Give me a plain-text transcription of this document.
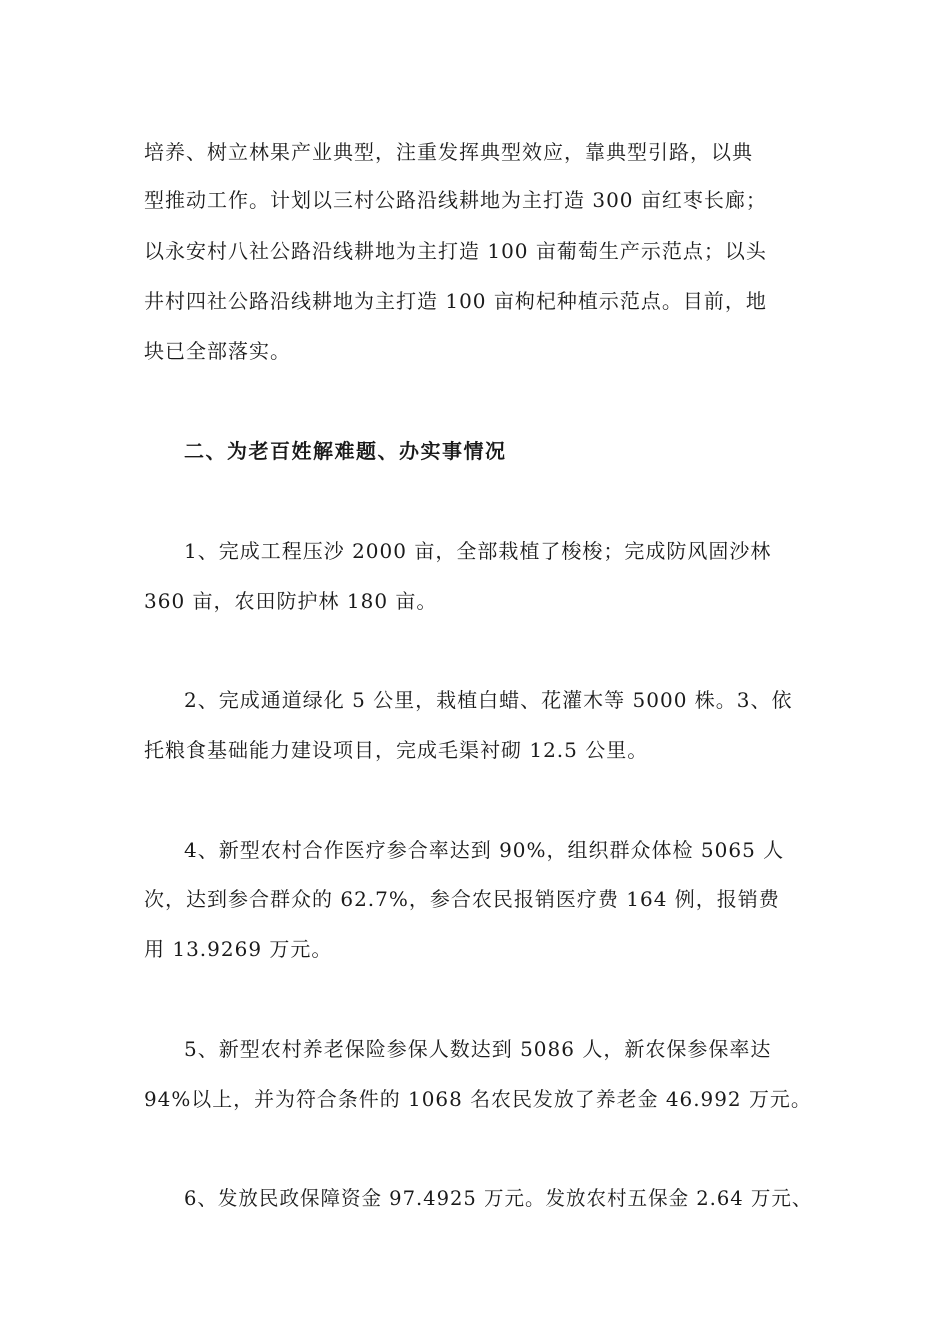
培养、树立林果产业典型，注重发挥典型效应，靠典型引路，以典
型推动工作。计划以三村公路沿线耕地为主打造 300 亩红枣长廊；
以永安村八社公路沿线耕地为主打造 100 亩葡萄生产示范点；以头
井村四社公路沿线耕地为主打造 100 亩枸杞种植示范点。目前，地
块已全部落实。
二、为老百姓解难题、办实事情况
1、完成工程压沙 2000 亩，全部栽植了梭梭；完成防风固沙林
360 亩，农田防护林 180 亩。
2、完成通道绿化 5 公里，栽植白蜡、花灌木等 5000 株。3、依
托粮食基础能力建设项目，完成毛渠衬砌 12.5 公里。
4、新型农村合作医疗参合率达到 90%，组织群众体检 5065 人
次，达到参合群众的 62.7%，参合农民报销医疗费 164 例，报销费
用 13.9269 万元。
5、新型农村养老保险参保人数达到 5086 人，新农保参保率达
94%以上，并为符合条件的 1068 名农民发放了养老金 46.992 万元。
6、发放民政保障资金 97.4925 万元。发放农村五保金 2.64 万元、
